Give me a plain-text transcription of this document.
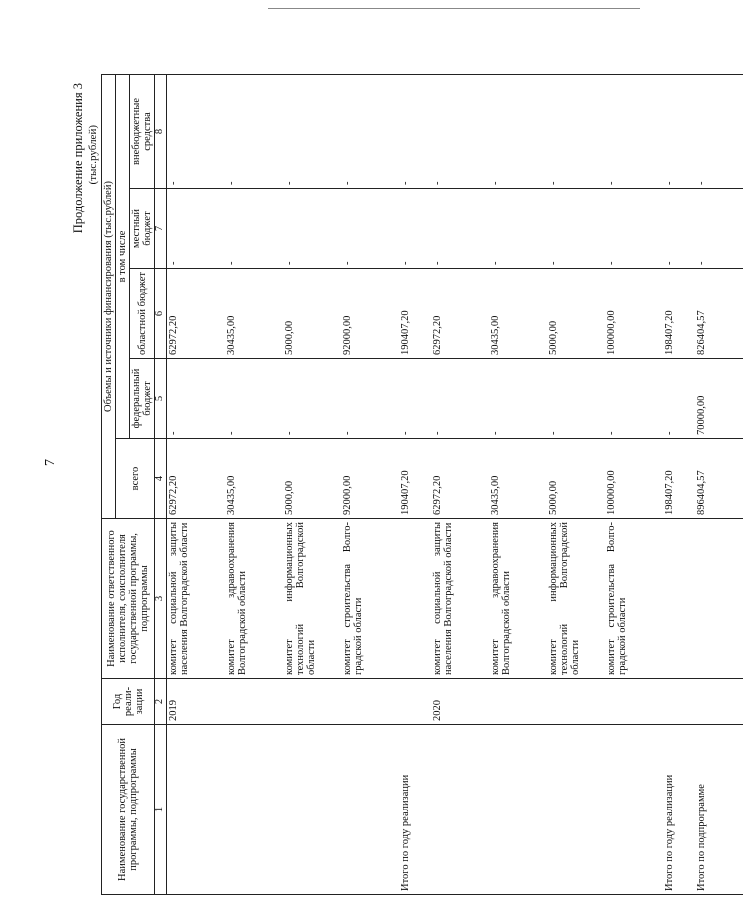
7
Продолжение приложения 3 (тыс.рублей)
Наименование государственной программы, подпрограммы	Год реали-зации	Наименование ответственного исполнителя, соисполнителя государственной программы, подпрограммы	Объемы и источники финансирования (тыс.рублей)				
			всего	в том числе			
				федеральный бюджет	областной бюджет	местный бюджет	внебюджетные средства
1	2	3	4	5	6	7	8
	2019	комитет социальной защиты населения Волгоградской области	62972,20	-	62972,20	-	-
		комитет здравоохранения Волгоградской области	30435,00	-	30435,00	-	-
		комитет информационных технологий Волгоградской области	5000,00	-	5000,00	-	-
		комитет строительства Волго-градской области	92000,00	-	92000,00	-	-
Итого по году реализации			190407,20	-	190407,20	-	-
	2020	комитет социальной защиты населения Волгоградской области	62972,20	-	62972,20	-	-
		комитет здравоохранения Волгоградской области	30435,00	-	30435,00	-	-
		комитет информационных технологий Волгоградской области	5000,00	-	5000,00	-	-
		комитет строительства Волго-градской области	100000,00	-	100000,00	-	-
Итого по году реализации			198407,20	-	198407,20	-	-
Итого по подпрограмме			896404,57	70000,00	826404,57	-	-
